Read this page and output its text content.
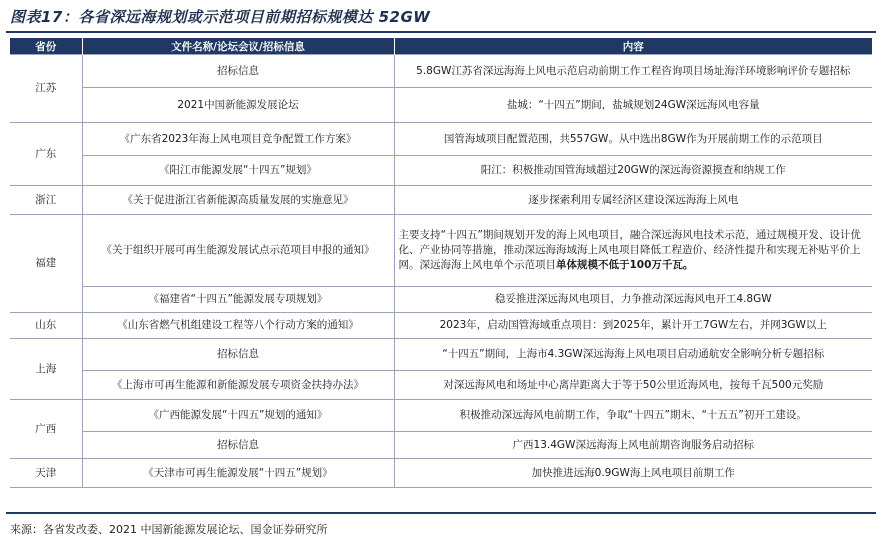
图表17：各省深远海规划或示范项目前期招标规模达 52GW
省份	文件名称/论坛会议/招标信息	内容
江苏	招标信息	5.8GW江苏省深远海海上风电示范启动前期工作工程咨询项目场址海洋环境影响评价专题招标
	2021中国新能源发展论坛	盐城：“十四五”期间，盐城规划24GW深远海风电容量
广东	《广东省2023年海上风电项目竞争配置工作方案》	国管海域项目配置范围，共557GW。从中选出8GW作为开展前期工作的示范项目
	《阳江市能源发展“十四五”规划》	阳江：积极推动国管海域超过20GW的深远海资源摸查和纳规工作
浙江	《关于促进浙江省新能源高质量发展的实施意见》	逐步探索利用专属经济区建设深远海海上风电
福建	《关于组织开展可再生能源发展试点示范项目申报的通知》	主要支持“十四五”期间规划开发的海上风电项目，融合深远海风电技术示范，通过规模开发、设计优化、产业协同等措施，推动深远海海域海上风电项目降低工程造价、经济性提升和实现无补贴平价上网。深远海海上风电单个示范项目单体规模不低于100万千瓦。
	《福建省“十四五”能源发展专项规划》	稳妥推进深远海风电项目，力争推动深远海风电开工4.8GW
山东	《山东省燃气机组建设工程等八个行动方案的通知》	2023年，启动国管海域重点项目：到2025年，累计开工7GW左右，并网3GW以上
上海	招标信息	“十四五”期间，上海市4.3GW深远海海上风电项目启动通航安全影响分析专题招标
	《上海市可再生能源和新能源发展专项资金扶持办法》	对深远海风电和场址中心离岸距离大于等于50公里近海风电，按每千瓦500元奖励
广西	《广西能源发展“十四五”规划的通知》	积极推动深远海风电前期工作，争取“十四五”期末、“十五五”初开工建设。
	招标信息	广西13.4GW深远海海上风电前期咨询服务启动招标
天津	《天津市可再生能源发展“十四五”规划》	加快推进远海0.9GW海上风电项目前期工作
来源：各省发改委、2021 中国新能源发展论坛、国金证券研究所
